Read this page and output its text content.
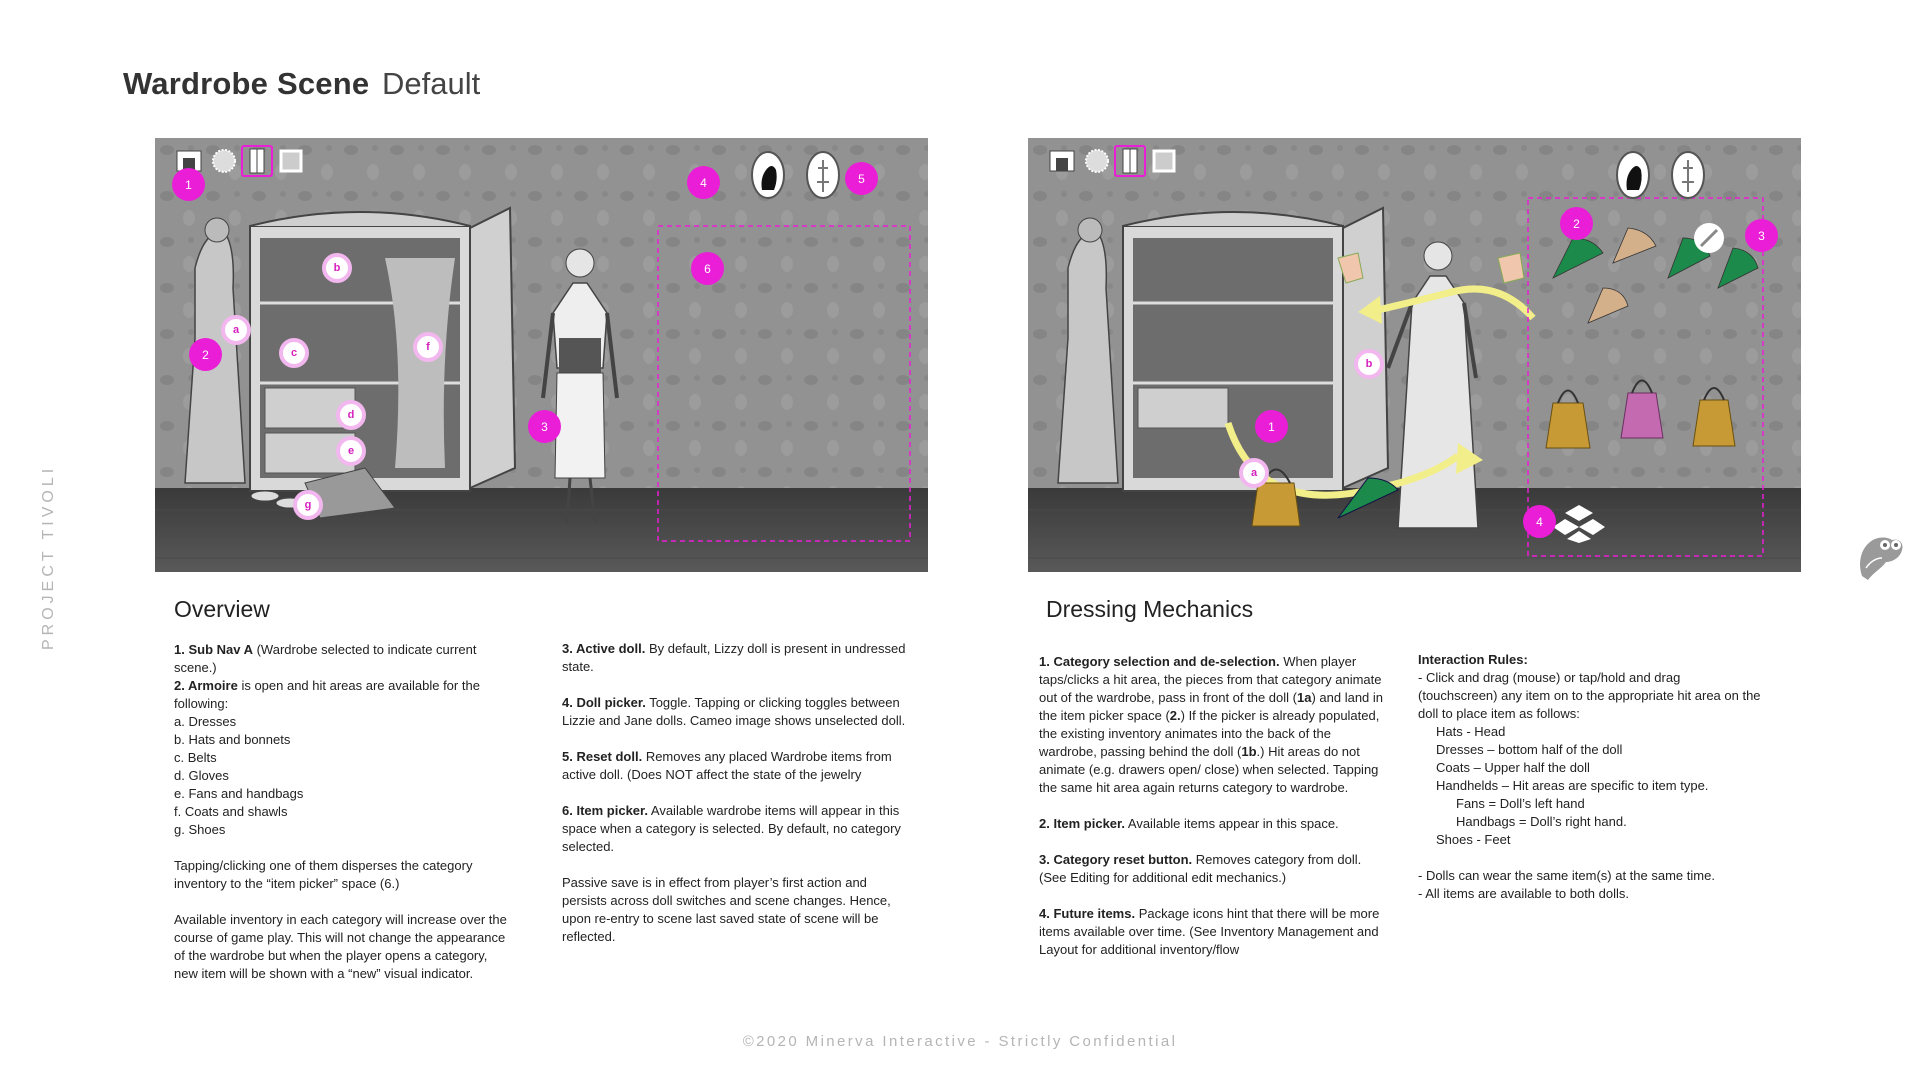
Wardrobe Scene Default
PROJECT TIVOLI
1
2
3
4	5
6
a
b
c
d
e
f
g
1
2
3
4
a
b
Overview

1. Sub Nav A (Wardrobe selected to indicate current scene.)

2. Armoire is open and hit areas are available for the following:

a. Dresses
b. Hats and bonnets
c. Belts
d. Gloves
e. Fans and handbags
f. Coats and shawls
g. Shoes

Tapping/clicking one of them disperses the category inventory to the “item picker” space (6.)

Available inventory in each category will increase over the course of game play. This will not change the appearance of the wardrobe but when the player opens a category, new item will be shown with a “new” visual indicator.

3. Active doll. By default, Lizzy doll is present in undressed state.

4. Doll picker. Toggle. Tapping or clicking toggles between Lizzie and Jane dolls. Cameo image shows unselected doll.

5. Reset doll. Removes any placed Wardrobe items from active doll. (Does NOT affect the state of the jewelry

6. Item picker. Available wardrobe items will appear in this space when a category is selected. By default, no category selected.

Passive save is in effect from player’s first action and persists across doll switches and scene changes. Hence, upon re-entry to scene last saved state of scene will be reflected.

Dressing Mechanics

1. Category selection and de-selection. When player taps/clicks a hit area, the pieces from that category animate out of the wardrobe, pass in front of the doll (1a) and land in the item picker space (2.) If the picker is already populated, the existing inventory animates into the back of the wardrobe, passing behind the doll (1b.) Hit areas do not animate (e.g. drawers open/ close) when selected. Tapping the same hit area again returns category to wardrobe.

2. Item picker. Available items appear in this space.

3. Category reset button. Removes category from doll. (See Editing for additional edit mechanics.)

4. Future items. Package icons hint that there will be more items available over time. (See Inventory Management and Layout for additional inventory/flow

Interaction Rules:
- Click and drag (mouse) or tap/hold and drag (touchscreen) any item on to the appropriate hit area on the doll to place item as follows:
Hats - Head
Dresses – bottom half of the doll
Coats – Upper half the doll
Handhelds – Hit areas are specific to item type.
Fans = Doll’s left hand
Handbags = Doll’s right hand.
Shoes - Feet
- Dolls can wear the same item(s) at the same time.
- All items are available to both dolls.
©2020 Minerva Interactive - Strictly Confidential
